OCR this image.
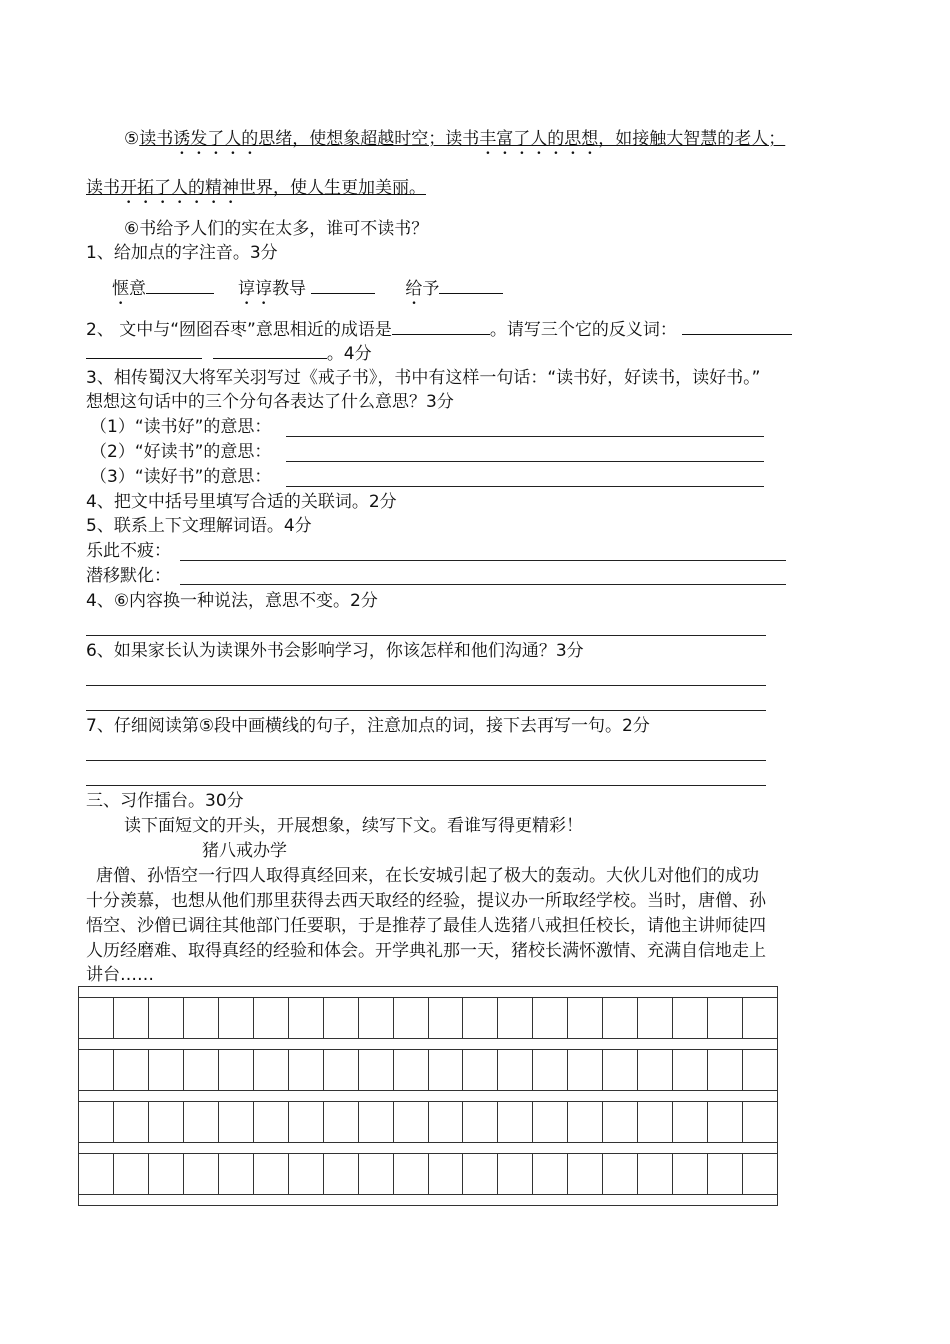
⑤读书诱发了人的思绪，使想象超越时空；读书丰富了人的思想，如接触大智慧的老人；
读书开拓了人的精神世界，使人生更加美丽。
⑥书给予人们的实在太多，谁可不读书？
1、给加点的字注音。3分
惬意	谆谆教导	给予
2、 文中与“囫囵吞枣”意思相近的成语是	。请写三个它的反义词：
。4分
3、相传蜀汉大将军关羽写过《戒子书》，书中有这样一句话：“读书好，好读书，读好书。”
想想这句话中的三个分句各表达了什么意思？3分
（1）“读书好”的意思：
（2）“好读书”的意思：
（3）“读好书”的意思：
4、把文中括号里填写合适的关联词。2分
5、联系上下文理解词语。4分
乐此不疲：
潜移默化：
4、⑥内容换一种说法，意思不变。2分
6、如果家长认为读课外书会影响学习，你该怎样和他们沟通？3分
7、仔细阅读第⑤段中画横线的句子，注意加点的词，接下去再写一句。2分
三、习作擂台。30分
读下面短文的开头，开展想象，续写下文。看谁写得更精彩！
猪八戒办学
唐僧、孙悟空一行四人取得真经回来，在长安城引起了极大的轰动。大伙儿对他们的成功
十分羡慕，也想从他们那里获得去西天取经的经验，提议办一所取经学校。当时，唐僧、孙
悟空、沙僧已调往其他部门任要职，于是推荐了最佳人选猪八戒担任校长，请他主讲师徒四
人历经磨难、取得真经的经验和体会。开学典礼那一天，猪校长满怀激情、充满自信地走上
讲台……
